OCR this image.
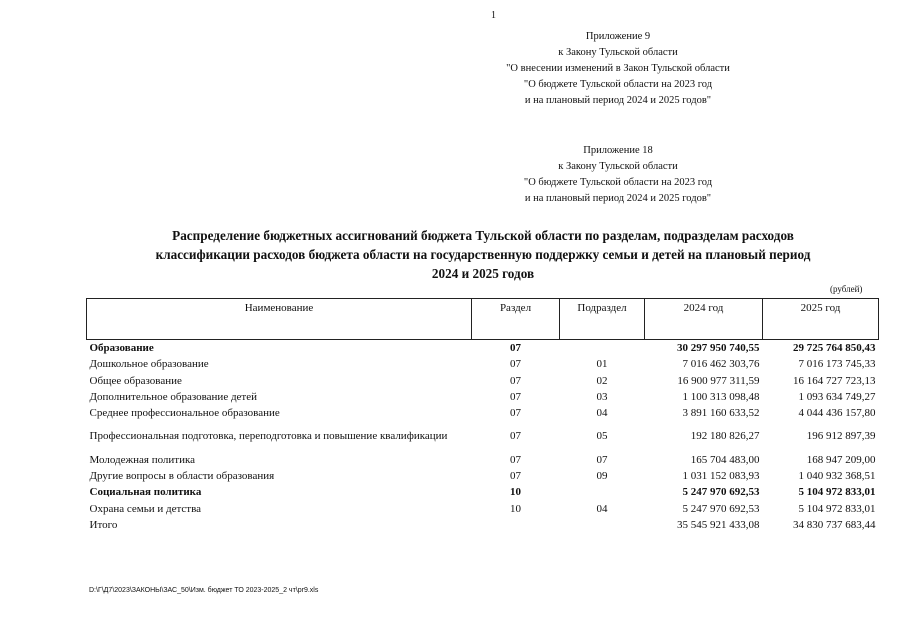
1
Приложение 9
к Закону Тульской области
"О внесении изменений в Закон Тульской области
"О бюджете Тульской области на 2023 год
и на плановый период 2024 и 2025 годов"
Приложение 18
к Закону Тульской области
"О бюджете Тульской области на 2023 год
и на плановый период 2024 и 2025 годов"
Распределение бюджетных ассигнований бюджета Тульской области по разделам, подразделам расходов
классификации расходов бюджета области на государственную поддержку семьи и детей на плановый период
2024 и 2025 годов
(рублей)
Наименование	Раздел	Подраздел	2024 год	2025 год
Образование	07		30 297 950 740,55	29 725 764 850,43
Дошкольное образование	07	01	7 016 462 303,76	7 016 173 745,33
Общее образование	07	02	16 900 977 311,59	16 164 727 723,13
Дополнительное образование детей	07	03	1 100 313 098,48	1 093 634 749,27
Среднее профессиональное образование	07	04	3 891 160 633,52	4 044 436 157,80
Профессиональная подготовка, переподготовка и повышение квалификации	07	05	192 180 826,27	196 912 897,39
Молодежная политика	07	07	165 704 483,00	168 947 209,00
Другие вопросы в области образования	07	09	1 031 152 083,93	1 040 932 368,51
Социальная политика	10		5 247 970 692,53	5 104 972 833,01
Охрана семьи и детства	10	04	5 247 970 692,53	5 104 972 833,01
Итого			35 545 921 433,08	34 830 737 683,44
D:\Г\Д7\2023\ЗАКОНЫ\ЗАС_50\Изм. бюджет ТО 2023-2025_2 чт\pr9.xls
